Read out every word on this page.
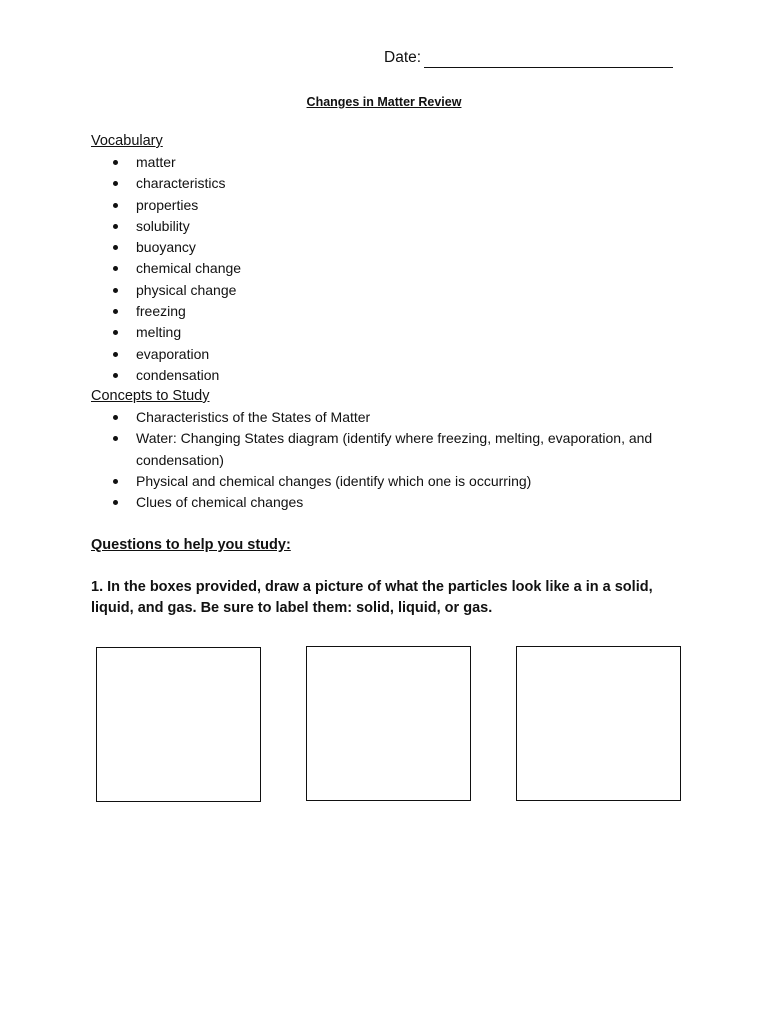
Date:
Changes in Matter Review
Vocabulary
matter
characteristics
properties
solubility
buoyancy
chemical change
physical change
freezing
melting
evaporation
condensation
Concepts to Study
Characteristics of the States of Matter
Water: Changing States diagram (identify where freezing, melting, evaporation, and condensation)
Physical and chemical changes (identify which one is occurring)
Clues of chemical changes
Questions to help you study:
1. In the boxes provided, draw a picture of what the particles look like a in a solid, liquid, and gas. Be sure to label them: solid, liquid, or gas.
